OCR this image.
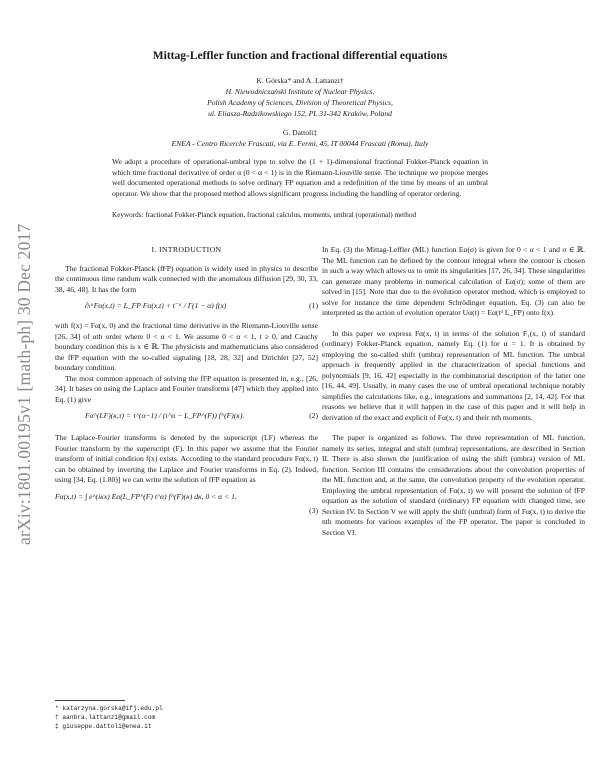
arXiv:1801.00195v1 [math-ph] 30 Dec 2017
Mittag-Leffler function and fractional differential equations
K. Górska* and A. Lattanzi†
H. Niewodniczański Institute of Nuclear Physics,
Polish Academy of Sciences, Division of Theoretical Physics,
ul. Eliasza-Radzikowskiego 152, PL 31-342 Kraków, Poland
G. Dattoli‡
ENEA - Centro Ricerche Frascati, via E. Fermi, 45, IT 00044 Frascati (Roma), Italy
We adopt a procedure of operational-umbral type to solve the (1 + 1)-dimensional fractional Fokker-Planck equation in which time fractional derivative of order α (0 < α < 1) is in the Riemann-Liouville sense. The technique we propose merges well documented operational methods to solve ordinary FP equation and a redefinition of the time by means of an umbral operator. We show that the proposed method allows significant progress including the handling of operator ordering.
Keywords: fractional Fokker-Planck equation, fractional calculus, moments, umbral (operational) method

I. INTRODUCTION

The fractional Fokker-Planck (fFP) equation is widely used in physics to describe the continuous time random walk connected with the anomalous diffusion [29, 30, 33, 38, 46, 48]. It has the form

∂ₜᵅFα(x,t) = L_FP Fα(x,t) + t⁻ᵅ / Γ(1 − α) f(x)	(1)

with f(x) = Fα(x, 0) and the fractional time derivative in the Riemann-Liouville sense [26, 34] of αth order where 0 < α < 1. We assume 0 < α < 1, t ≥ 0, and Cauchy boundary condition this is x ∈ ℝ. The physicists and mathematicians also considered the fFP equation with the so-called signaling [18, 28, 32] and Dirichlet [27, 52] boundary condition.

The most common approach of solving the fFP equation is presented in, e.g., [26, 34]. It bases on using the Laplace and Fourier transforms [47] which they applied into Eq. (1) give

Fα^(LF)(κ,τ) = τ^(α−1) / (τ^α − L_FP^(F)) f^(F)(κ).	(2)

The Laplace-Fourier transforms is denoted by the superscript (LF) whereas the Fourier transform by the superscript (F). In this paper we assume that the Fourier transform of initial condition f(x) exists. According to the standard procedure Fα(x, t) can be obtained by inverting the Laplace and Fourier transforms in Eq. (2). Indeed, using [34, Eq. (1.80)] we can write the solution of fFP equation as

Fα(x,t) = ∫ e^(iκx) Eα(L_FP^(F) t^α) f^(F)(κ) dκ, 0 < α < 1.
(3)
* katarzyna.gorska@ifj.edu.pl
† aanbra.lattanzi@gmail.com
‡ giuseppe.dattoli@enea.it

In Eq. (3) the Mittag-Leffler (ML) function Eα(σ) is given for 0 < α < 1 and σ ∈ ℝ. The ML function can be defined by the contour integral where the contour is chosen in such a way which allows us to omit its singularities [17, 26, 34]. These singularities can generate many problems in numerical calculation of Eα(σ); some of them are solved in [15]. Note that due to the evolution operator method, which is employed to solve for instance the time dependent Schrödinger equation, Eq. (3) can also be interpreted as the action of evolution operator Uα(t) = Eα(tᵅ L_FP) onto f(x).

In this paper we express Fα(x, t) in terms of the solution F₁(x, t) of standard (ordinary) Fokker-Planck equation, namely Eq. (1) for α = 1. It is obtained by employing the so-called shift (umbra) representation of ML function. The umbral approach is frequently applied in the characterization of special functions and polynomials [9, 16, 42] especially in the combinatorial description of the latter one [16, 44, 49]. Usually, in many cases the use of umbral operational technique notably simplifies the calculations like, e.g., integrations and summations [2, 14, 42]. For that reasons we believe that it will happen in the case of this paper and it will help in derivation of the exact and explicit of Fα(x, t) and their nth moments.

The paper is organized as follows. The three representation of ML function, namely its series, integral and shift (umbra) representations, are described in Section II. There is also shown the justification of using the shift (umbra) version of ML function. Section III contains the considerations about the convolution properties of the ML function and, at the same, the convolution property of the evolution operator. Employing the umbral representation of Fα(x, t) we will present the solution of fFP equation as the solution of standard (ordinary) FP equation with changed time, see Section IV. In Section V we will apply the shift (umbral) form of Fα(x, t) to derive the nth moments for various examples of the FP operator. The paper is concluded in Section VI.
